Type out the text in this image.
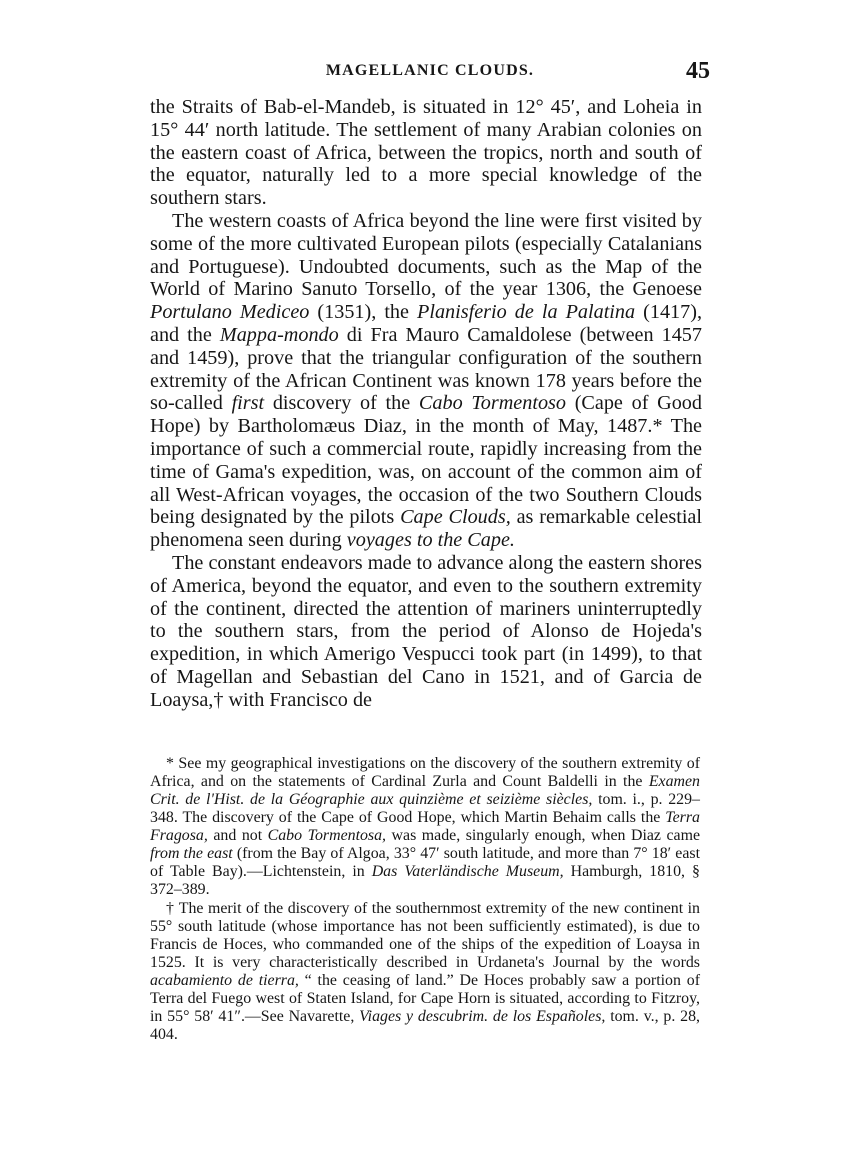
MAGELLANIC CLOUDS.	45

the Straits of Bab-el-Mandeb, is situated in 12° 45′, and Loheia in 15° 44′ north latitude. The settlement of many Arabian colonies on the eastern coast of Africa, between the tropics, north and south of the equator, naturally led to a more special knowledge of the southern stars.

The western coasts of Africa beyond the line were first visited by some of the more cultivated European pilots (especially Catalanians and Portuguese). Undoubted documents, such as the Map of the World of Marino Sanuto Torsello, of the year 1306, the Genoese Portulano Mediceo (1351), the Planisferio de la Palatina (1417), and the Mappa-mondo di Fra Mauro Camaldolese (between 1457 and 1459), prove that the triangular configuration of the southern extremity of the African Continent was known 178 years before the so-called first discovery of the Cabo Tormentoso (Cape of Good Hope) by Bartholomæus Diaz, in the month of May, 1487.* The importance of such a commercial route, rapidly increasing from the time of Gama's expedition, was, on account of the common aim of all West-African voyages, the occasion of the two Southern Clouds being designated by the pilots Cape Clouds, as remarkable celestial phenomena seen during voyages to the Cape.

The constant endeavors made to advance along the eastern shores of America, beyond the equator, and even to the southern extremity of the continent, directed the attention of mariners uninterruptedly to the southern stars, from the period of Alonso de Hojeda's expedition, in which Amerigo Vespucci took part (in 1499), to that of Magellan and Sebastian del Cano in 1521, and of Garcia de Loaysa,† with Francisco de

* See my geographical investigations on the discovery of the southern extremity of Africa, and on the statements of Cardinal Zurla and Count Baldelli in the Examen Crit. de l'Hist. de la Géographie aux quinzième et seizième siècles, tom. i., p. 229–348. The discovery of the Cape of Good Hope, which Martin Behaim calls the Terra Fragosa, and not Cabo Tormentosa, was made, singularly enough, when Diaz came from the east (from the Bay of Algoa, 33° 47′ south latitude, and more than 7° 18′ east of Table Bay).—Lichtenstein, in Das Vaterländische Museum, Hamburgh, 1810, § 372–389.

† The merit of the discovery of the southernmost extremity of the new continent in 55° south latitude (whose importance has not been sufficiently estimated), is due to Francis de Hoces, who commanded one of the ships of the expedition of Loaysa in 1525. It is very characteristically described in Urdaneta's Journal by the words acabamiento de tierra, “ the ceasing of land.” De Hoces probably saw a portion of Terra del Fuego west of Staten Island, for Cape Horn is situated, according to Fitzroy, in 55° 58′ 41″.—See Navarette, Viages y descubrim. de los Españoles, tom. v., p. 28, 404.
